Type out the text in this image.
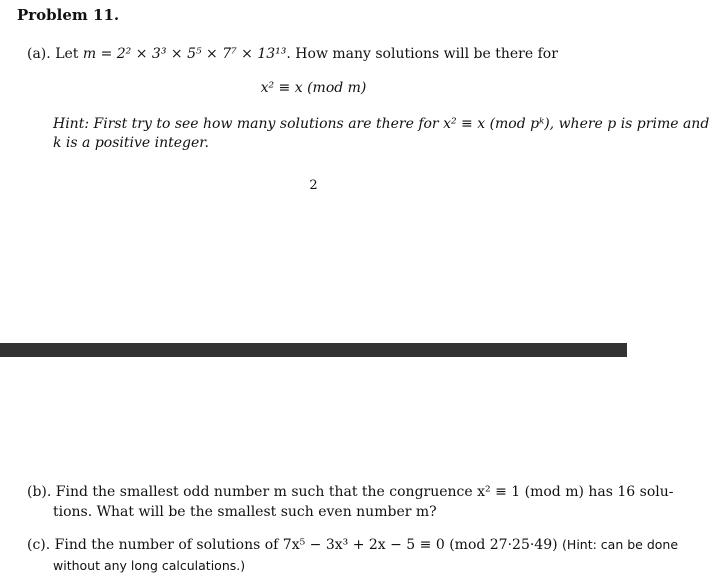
Problem 11.
(a). Let m = 2² × 3³ × 5⁵ × 7⁷ × 13¹³. How many solutions will be there for
x² ≡ x (mod m)
Hint: First try to see how many solutions are there for x² ≡ x (mod pᵏ), where p is prime and
k is a positive integer.
2
(b). Find the smallest odd number m such that the congruence x² ≡ 1 (mod m) has 16 solu-
tions. What will be the smallest such even number m?
(c). Find the number of solutions of 7x⁵ − 3x³ + 2x − 5 ≡ 0 (mod 27·25·49) (Hint: can be done
without any long calculations.)
